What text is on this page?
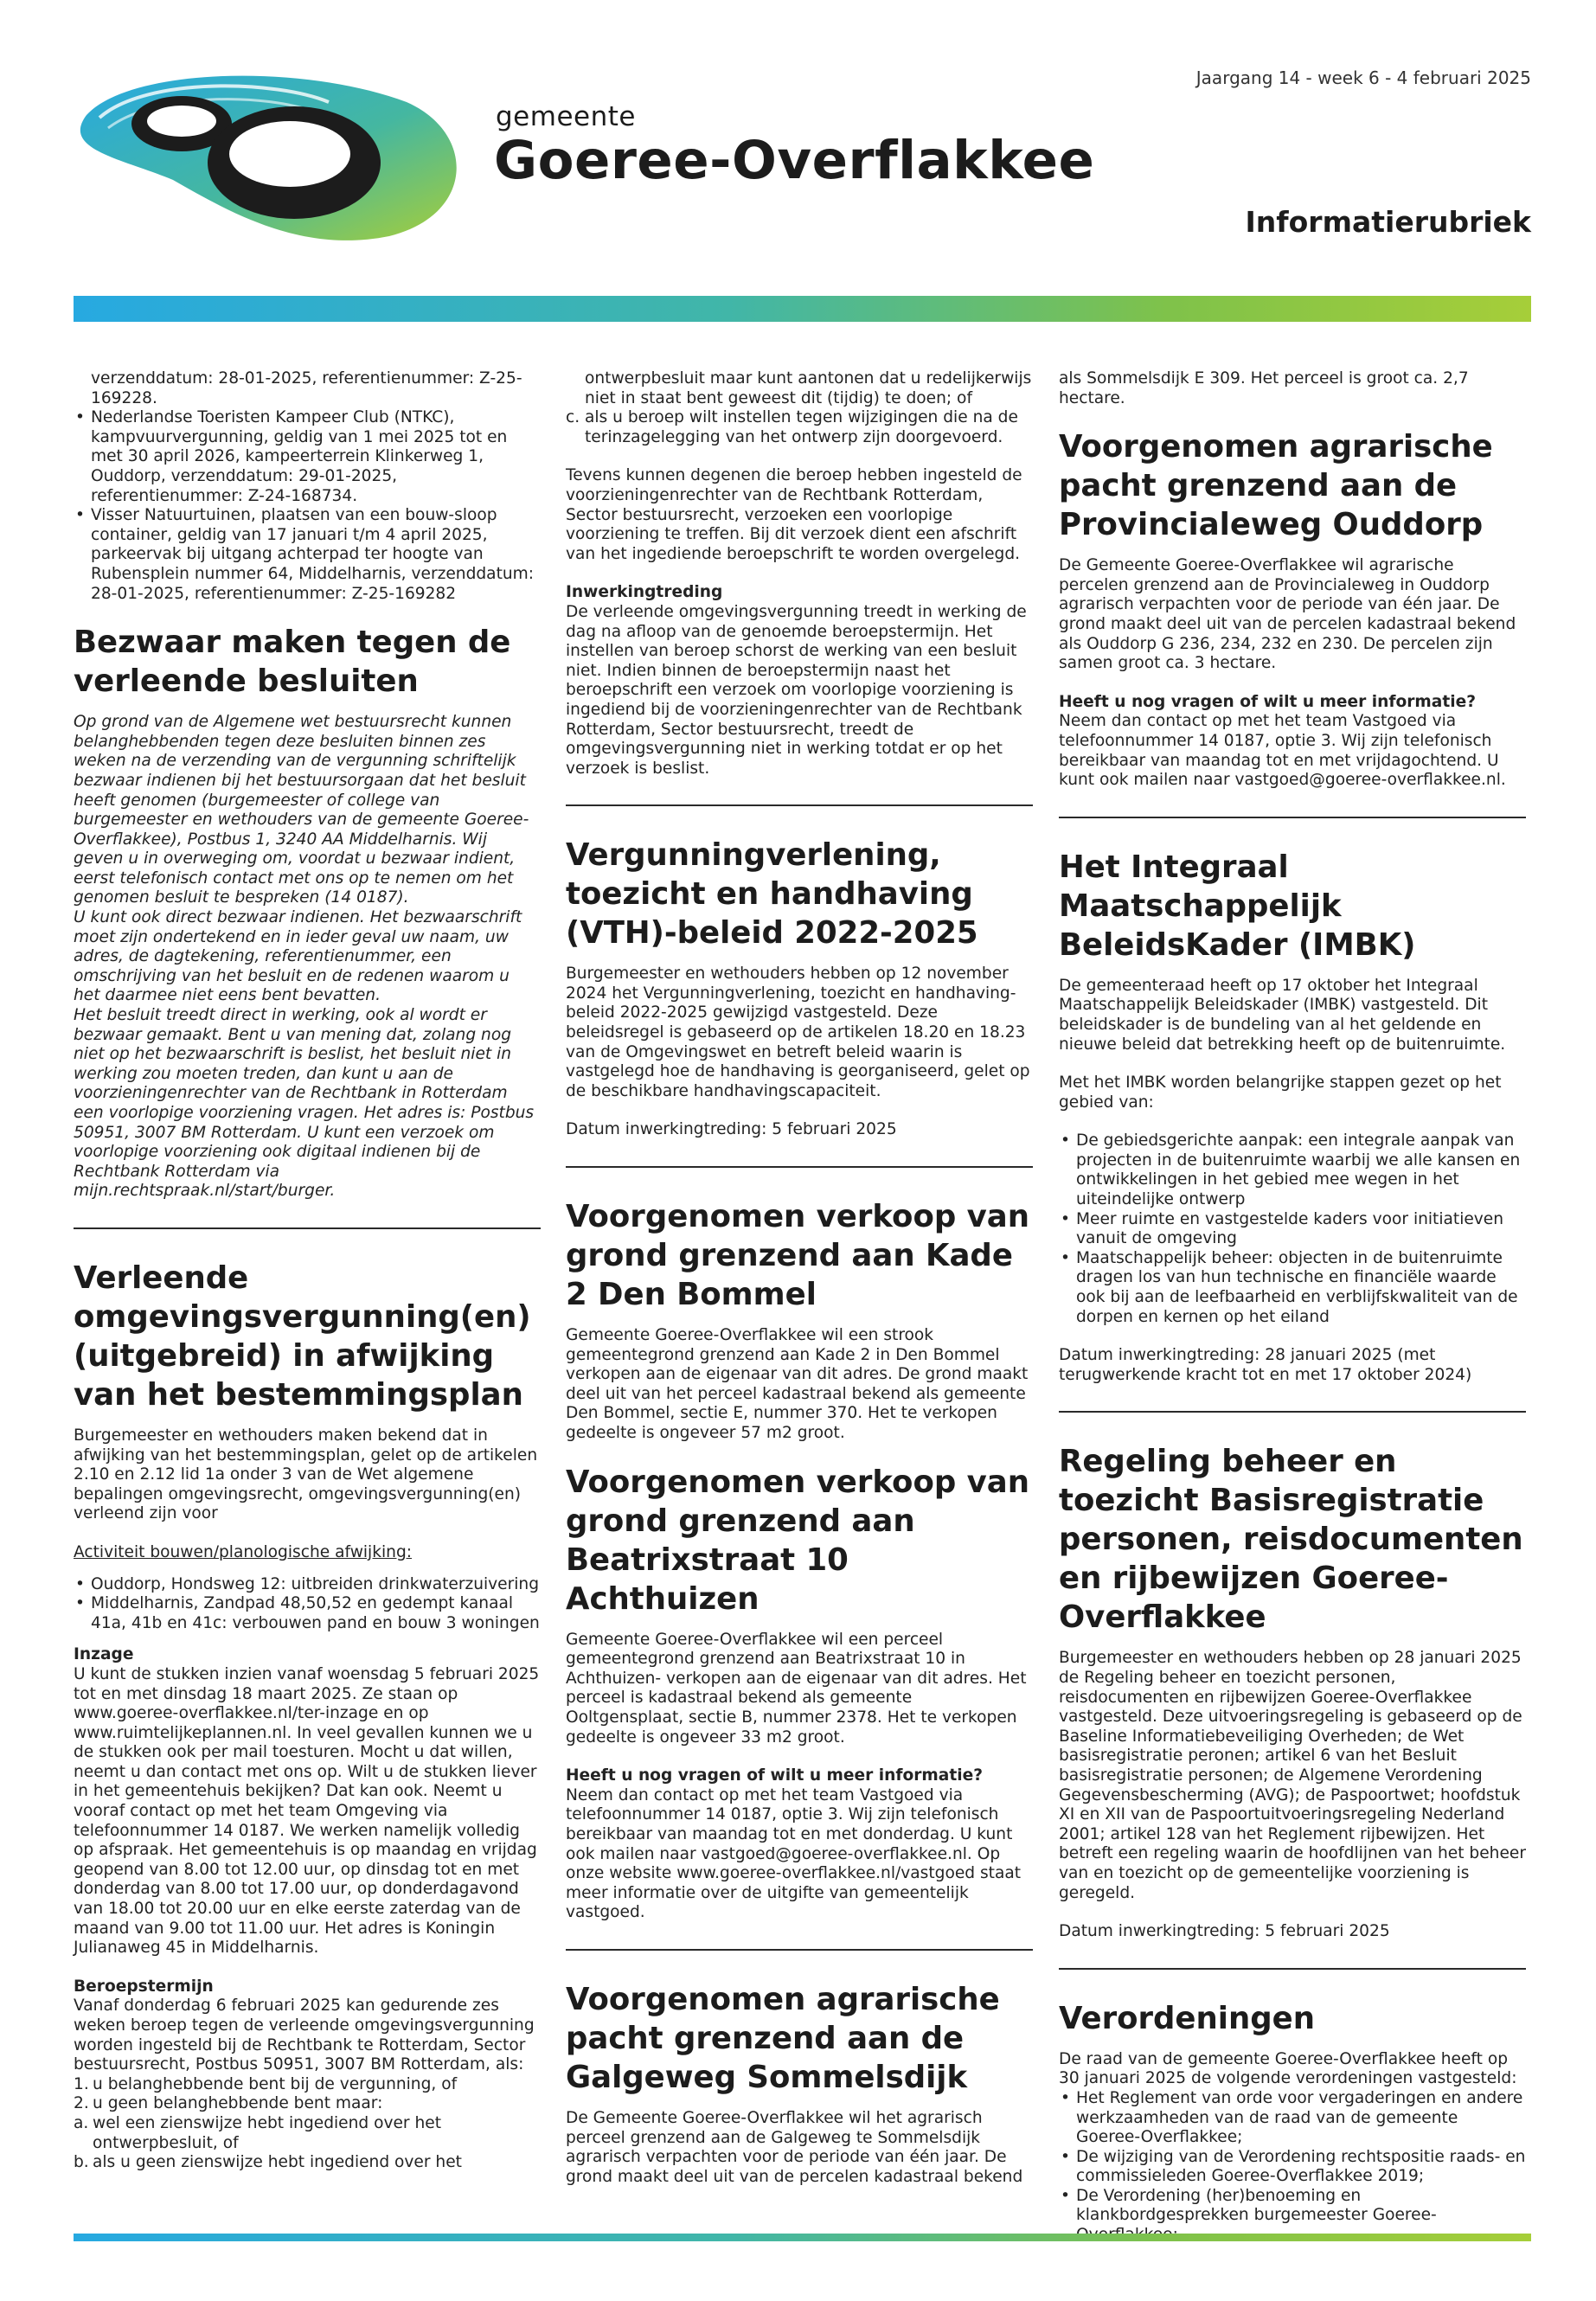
Jaargang 14 - week 6 - 4 februari 2025
gemeente
Goeree-Overflakkee
Informatierubriek

verzenddatum: 28-01-2025, referentienummer: Z-25-169228.

• Nederlandse Toeristen Kampeer Club (NTKC), kampvuurvergunning, geldig van 1 mei 2025 tot en met 30 april 2026, kampeerterrein Klinkerweg 1, Ouddorp, verzenddatum: 29-01-2025, referentienummer: Z-24-168734.
• Visser Natuurtuinen, plaatsen van een bouw-sloop container, geldig van 17 januari t/m 4 april 2025, parkeervak bij uitgang achterpad ter hoogte van Rubensplein nummer 64, Middelharnis, verzenddatum: 28-01-2025, referentienummer: Z-25-169282
Bezwaar maken tegen de verleende besluiten

Op grond van de Algemene wet bestuursrecht kunnen belanghebbenden tegen deze besluiten binnen zes weken na de verzending van de vergunning schriftelijk bezwaar indienen bij het bestuursorgaan dat het besluit heeft genomen (burgemeester of college van burgemeester en wethouders van de gemeente Goeree-Overflakkee), Postbus 1, 3240 AA Middelharnis. Wij geven u in overweging om, voordat u bezwaar indient, eerst telefonisch contact met ons op te nemen om het genomen besluit te bespreken (14 0187).

U kunt ook direct bezwaar indienen. Het bezwaarschrift moet zijn ondertekend en in ieder geval uw naam, uw adres, de dagtekening, referentienummer, een omschrijving van het besluit en de redenen waarom u het daarmee niet eens bent bevatten.

Het besluit treedt direct in werking, ook al wordt er bezwaar gemaakt. Bent u van mening dat, zolang nog niet op het bezwaarschrift is beslist, het besluit niet in werking zou moeten treden, dan kunt u aan de voorzieningenrechter van de Rechtbank in Rotterdam een voorlopige voorziening vragen. Het adres is: Postbus 50951, 3007 BM Rotterdam. U kunt een verzoek om voorlopige voorziening ook digitaal indienen bij de Rechtbank Rotterdam via mijn.rechtspraak.nl/start/burger.

Verleende omgevingsvergunning(en) (uitgebreid) in afwijking van het bestemmingsplan

Burgemeester en wethouders maken bekend dat in afwijking van het bestemmingsplan, gelet op de artikelen 2.10 en 2.12 lid 1a onder 3 van de Wet algemene bepalingen omgevingsrecht, omgevingsvergunning(en) verleend zijn voor

Activiteit bouwen/planologische afwijking:

• Ouddorp, Hondsweg 12: uitbreiden drinkwaterzuivering
• Middelharnis, Zandpad 48,50,52 en gedempt kanaal 41a, 41b en 41c: verbouwen pand en bouw 3 woningen
Inzage

U kunt de stukken inzien vanaf woensdag 5 februari 2025 tot en met dinsdag 18 maart 2025. Ze staan op www.goeree-overflakkee.nl/ter-inzage en op www.ruimtelijkeplannen.nl. In veel gevallen kunnen we u de stukken ook per mail toesturen. Mocht u dat willen, neemt u dan contact met ons op. Wilt u de stukken liever in het gemeentehuis bekijken? Dat kan ook. Neemt u vooraf contact op met het team Omgeving via telefoonnummer 14 0187. We werken namelijk volledig op afspraak. Het gemeentehuis is op maandag en vrijdag geopend van 8.00 tot 12.00 uur, op dinsdag tot en met donderdag van 8.00 tot 17.00 uur, op donderdagavond van 18.00 tot 20.00 uur en elke eerste zaterdag van de maand van 9.00 tot 11.00 uur. Het adres is Koningin Julianaweg 45 in Middelharnis.

Beroepstermijn

Vanaf donderdag 6 februari 2025 kan gedurende zes weken beroep tegen de verleende omgevingsvergunning worden ingesteld bij de Rechtbank te Rotterdam, Sector bestuursrecht, Postbus 50951, 3007 BM Rotterdam, als:

1. u belanghebbende bent bij de vergunning, of
2. u geen belanghebbende bent maar:
a. wel een zienswijze hebt ingediend over het ontwerpbesluit, of
b. als u geen zienswijze hebt ingediend over het
ontwerpbesluit maar kunt aantonen dat u redelijkerwijs niet in staat bent geweest dit (tijdig) te doen; of
c. als u beroep wilt instellen tegen wijzigingen die na de terinzagelegging van het ontwerp zijn doorgevoerd.

Tevens kunnen degenen die beroep hebben ingesteld de voorzieningenrechter van de Rechtbank Rotterdam, Sector bestuursrecht, verzoeken een voorlopige voorziening te treffen. Bij dit verzoek dient een afschrift van het ingediende beroepschrift te worden overgelegd.

Inwerkingtreding

De verleende omgevingsvergunning treedt in werking de dag na afloop van de genoemde beroepstermijn. Het instellen van beroep schorst de werking van een besluit niet. Indien binnen de beroepstermijn naast het beroepschrift een verzoek om voorlopige voorziening is ingediend bij de voorzieningenrechter van de Rechtbank Rotterdam, Sector bestuursrecht, treedt de omgevingsvergunning niet in werking totdat er op het verzoek is beslist.

Vergunningverlening, toezicht en handhaving (VTH)-beleid 2022-2025

Burgemeester en wethouders hebben op 12 november 2024 het Vergunningverlening, toezicht en handhaving-beleid 2022-2025 gewijzigd vastgesteld. Deze beleidsregel is gebaseerd op de artikelen 18.20 en 18.23 van de Omgevingswet en betreft beleid waarin is vastgelegd hoe de handhaving is georganiseerd, gelet op de beschikbare handhavingscapaciteit.

Datum inwerkingtreding: 5 februari 2025

Voorgenomen verkoop van grond grenzend aan Kade 2 Den Bommel

Gemeente Goeree-Overflakkee wil een strook gemeentegrond grenzend aan Kade 2 in Den Bommel verkopen aan de eigenaar van dit adres. De grond maakt deel uit van het perceel kadastraal bekend als gemeente Den Bommel, sectie E, nummer 370. Het te verkopen gedeelte is ongeveer 57 m2 groot.

Voorgenomen verkoop van grond grenzend aan Beatrixstraat 10 Achthuizen

Gemeente Goeree-Overflakkee wil een perceel gemeentegrond grenzend aan Beatrixstraat 10 in Achthuizen- verkopen aan de eigenaar van dit adres. Het perceel is kadastraal bekend als gemeente Ooltgensplaat, sectie B, nummer 2378. Het te verkopen gedeelte is ongeveer 33 m2 groot.

Heeft u nog vragen of wilt u meer informatie?

Neem dan contact op met het team Vastgoed via telefoonnummer 14 0187, optie 3. Wij zijn telefonisch bereikbaar van maandag tot en met donderdag. U kunt ook mailen naar vastgoed@goeree-overflakkee.nl. Op onze website www.goeree-overflakkee.nl/vastgoed staat meer informatie over de uitgifte van gemeentelijk vastgoed.

Voorgenomen agrarische pacht grenzend aan de Galgeweg Sommelsdijk

De Gemeente Goeree-Overflakkee wil het agrarisch perceel grenzend aan de Galgeweg te Sommelsdijk agrarisch verpachten voor de periode van één jaar. De grond maakt deel uit van de percelen kadastraal bekend

als Sommelsdijk E 309. Het perceel is groot ca. 2,7 hectare.

Voorgenomen agrarische pacht grenzend aan de Provincialeweg Ouddorp

De Gemeente Goeree-Overflakkee wil agrarische percelen grenzend aan de Provincialeweg in Ouddorp agrarisch verpachten voor de periode van één jaar. De grond maakt deel uit van de percelen kadastraal bekend als Ouddorp G 236, 234, 232 en 230. De percelen zijn samen groot ca. 3 hectare.

Heeft u nog vragen of wilt u meer informatie?

Neem dan contact op met het team Vastgoed via telefoonnummer 14 0187, optie 3. Wij zijn telefonisch bereikbaar van maandag tot en met vrijdagochtend. U kunt ook mailen naar vastgoed@goeree-overflakkee.nl.

Het Integraal Maatschappelijk BeleidsKader (IMBK)

De gemeenteraad heeft op 17 oktober het Integraal Maatschappelijk Beleidskader (IMBK) vastgesteld. Dit beleidskader is de bundeling van al het geldende en nieuwe beleid dat betrekking heeft op de buitenruimte.

Met het IMBK worden belangrijke stappen gezet op het gebied van:

• De gebiedsgerichte aanpak: een integrale aanpak van projecten in de buitenruimte waarbij we alle kansen en ontwikkelingen in het gebied mee wegen in het uiteindelijke ontwerp
• Meer ruimte en vastgestelde kaders voor initiatieven vanuit de omgeving
• Maatschappelijk beheer: objecten in de buitenruimte dragen los van hun technische en financiële waarde ook bij aan de leefbaarheid en verblijfskwaliteit van de dorpen en kernen op het eiland

Datum inwerkingtreding: 28 januari 2025 (met terugwerkende kracht tot en met 17 oktober 2024)

Regeling beheer en toezicht Basisregistratie personen, reisdocumenten en rijbewijzen Goeree-Overflakkee

Burgemeester en wethouders hebben op 28 januari 2025 de Regeling beheer en toezicht personen, reisdocumenten en rijbewijzen Goeree-Overflakkee vastgesteld. Deze uitvoeringsregeling is gebaseerd op de Baseline Informatiebeveiliging Overheden; de Wet basisregistratie peronen; artikel 6 van het Besluit basisregistratie personen; de Algemene Verordening Gegevensbescherming (AVG); de Paspoortwet; hoofdstuk XI en XII van de Paspoortuitvoeringsregeling Nederland 2001; artikel 128 van het Reglement rijbewijzen. Het betreft een regeling waarin de hoofdlijnen van het beheer van en toezicht op de gemeentelijke voorziening is geregeld.

Datum inwerkingtreding: 5 februari 2025

Verordeningen

De raad van de gemeente Goeree-Overflakkee heeft op 30 januari 2025 de volgende verordeningen vastgesteld:

• Het Reglement van orde voor vergaderingen en andere werkzaamheden van de raad van de gemeente Goeree-Overflakkee;
• De wijziging van de Verordening rechtspositie raads- en commissieleden Goeree-Overflakkee 2019;
• De Verordening (her)benoeming en klankbordgesprekken burgemeester Goeree-
